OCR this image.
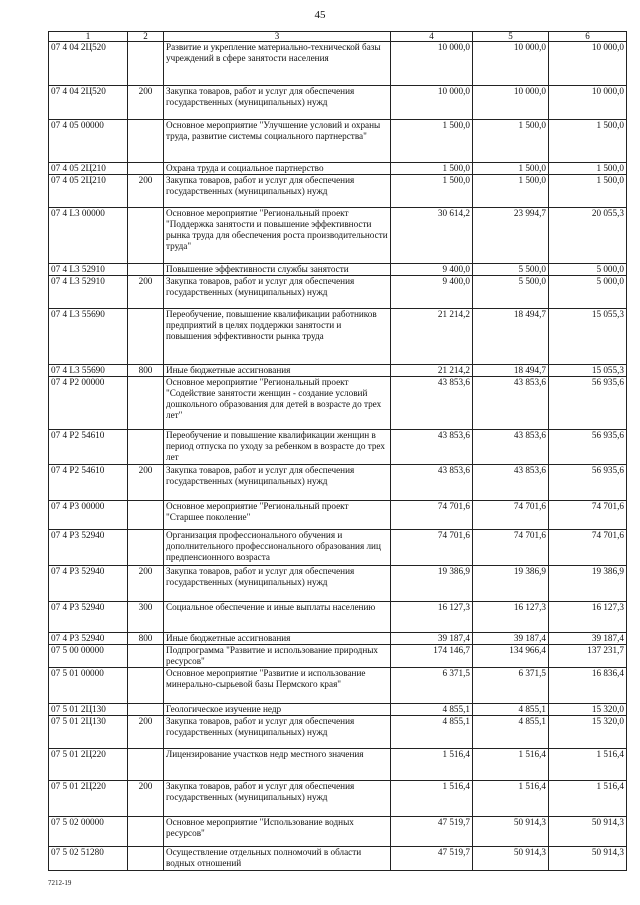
45
1	2	3	4	5	6
07 4 04 2Ц520		Развитие и укрепление материально-технической базы учреждений в сфере занятости населения	10 000,0	10 000,0	10 000,0
07 4 04 2Ц520	200	Закупка товаров, работ и услуг для обеспечения государственных (муниципальных) нужд	10 000,0	10 000,0	10 000,0
07 4 05 00000		Основное мероприятие "Улучшение условий и охраны труда, развитие системы социального партнерства"	1 500,0	1 500,0	1 500,0
07 4 05 2Ц210		Охрана труда и социальное партнерство	1 500,0	1 500,0	1 500,0
07 4 05 2Ц210	200	Закупка товаров, работ и услуг для обеспечения государственных (муниципальных) нужд	1 500,0	1 500,0	1 500,0
07 4 L3 00000		Основное мероприятие "Региональный проект "Поддержка занятости и повышение эффективности рынка труда для обеспечения роста производительности труда"	30 614,2	23 994,7	20 055,3
07 4 L3 52910		Повышение эффективности службы занятости	9 400,0	5 500,0	5 000,0
07 4 L3 52910	200	Закупка товаров, работ и услуг для обеспечения государственных (муниципальных) нужд	9 400,0	5 500,0	5 000,0
07 4 L3 55690		Переобучение, повышение квалификации работников предприятий в целях поддержки занятости и повышения эффективности рынка труда	21 214,2	18 494,7	15 055,3
07 4 L3 55690	800	Иные бюджетные ассигнования	21 214,2	18 494,7	15 055,3
07 4 P2 00000		Основное мероприятие "Региональный проект "Содействие занятости женщин - создание условий дошкольного образования для детей в возрасте до трех лет"	43 853,6	43 853,6	56 935,6
07 4 P2 54610		Переобучение и повышение квалификации женщин в период отпуска по уходу за ребенком в возрасте до трех лет	43 853,6	43 853,6	56 935,6
07 4 P2 54610	200	Закупка товаров, работ и услуг для обеспечения государственных (муниципальных) нужд	43 853,6	43 853,6	56 935,6
07 4 P3 00000		Основное мероприятие "Региональный проект "Старшее поколение"	74 701,6	74 701,6	74 701,6
07 4 P3 52940		Организация профессионального обучения и дополнительного профессионального образования лиц предпенсионного возраста	74 701,6	74 701,6	74 701,6
07 4 P3 52940	200	Закупка товаров, работ и услуг для обеспечения государственных (муниципальных) нужд	19 386,9	19 386,9	19 386,9
07 4 P3 52940	300	Социальное обеспечение и иные выплаты населению	16 127,3	16 127,3	16 127,3
07 4 P3 52940	800	Иные бюджетные ассигнования	39 187,4	39 187,4	39 187,4
07 5 00 00000		Подпрограмма "Развитие и использование природных ресурсов"	174 146,7	134 966,4	137 231,7
07 5 01 00000		Основное мероприятие "Развитие и использование минерально-сырьевой базы Пермского края"	6 371,5	6 371,5	16 836,4
07 5 01 2Ц130		Геологическое изучение недр	4 855,1	4 855,1	15 320,0
07 5 01 2Ц130	200	Закупка товаров, работ и услуг для обеспечения государственных (муниципальных) нужд	4 855,1	4 855,1	15 320,0
07 5 01 2Ц220		Лицензирование участков недр местного значения	1 516,4	1 516,4	1 516,4
07 5 01 2Ц220	200	Закупка товаров, работ и услуг для обеспечения государственных (муниципальных) нужд	1 516,4	1 516,4	1 516,4
07 5 02 00000		Основное мероприятие "Использование водных ресурсов"	47 519,7	50 914,3	50 914,3
07 5 02 51280		Осуществление отдельных полномочий в области водных отношений	47 519,7	50 914,3	50 914,3
7212-19
